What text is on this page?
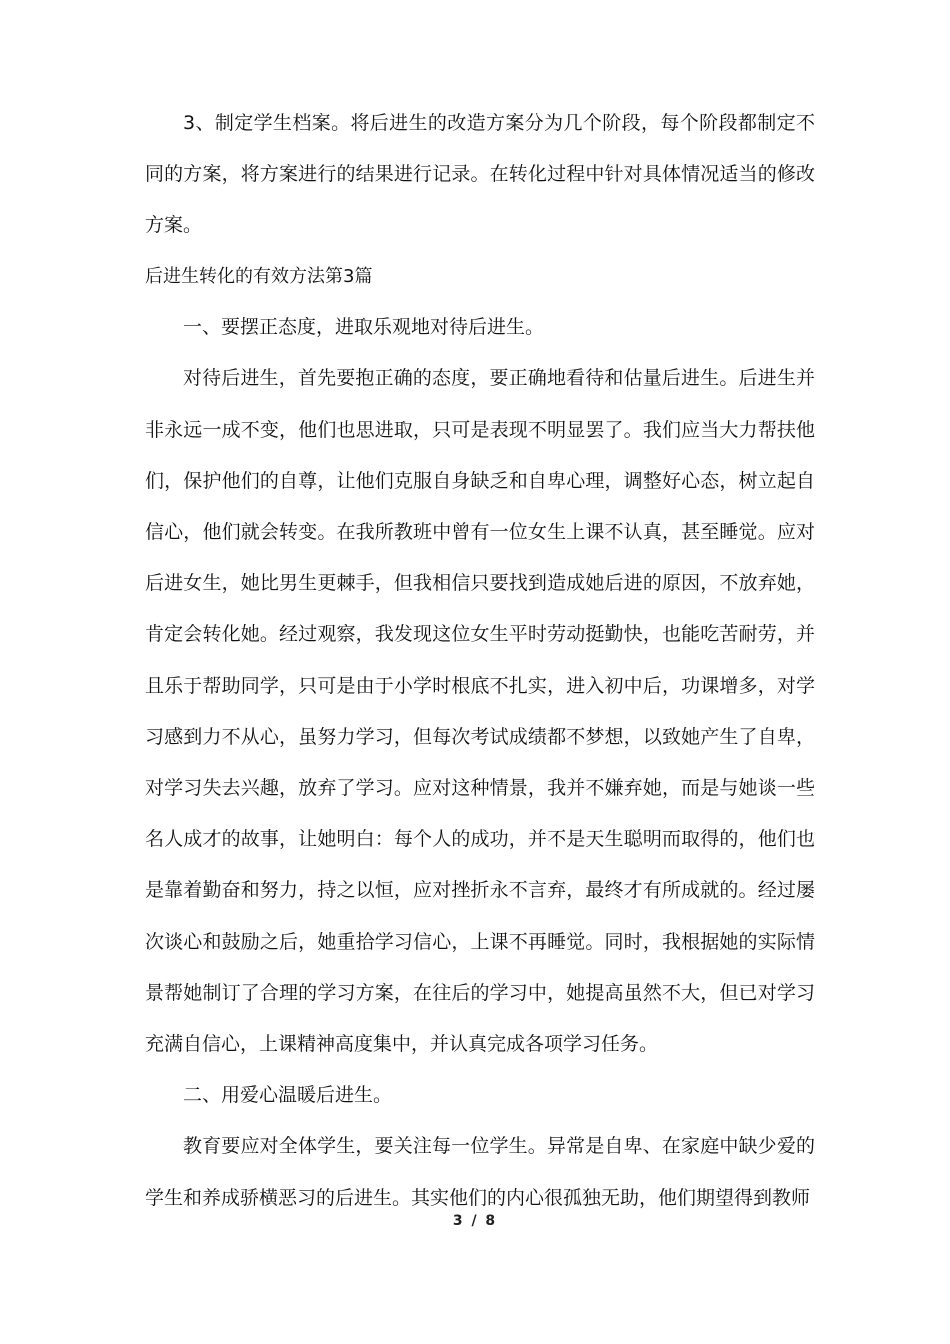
3、制定学生档案。将后进生的改造方案分为几个阶段，每个阶段都制定不同的方案，将方案进行的结果进行记录。在转化过程中针对具体情况适当的修改方案。

后进生转化的有效方法第3篇

一、要摆正态度，进取乐观地对待后进生。

对待后进生，首先要抱正确的态度，要正确地看待和估量后进生。后进生并非永远一成不变，他们也思进取，只可是表现不明显罢了。我们应当大力帮扶他们，保护他们的自尊，让他们克服自身缺乏和自卑心理，调整好心态，树立起自信心，他们就会转变。在我所教班中曾有一位女生上课不认真，甚至睡觉。应对后进女生，她比男生更棘手，但我相信只要找到造成她后进的原因，不放弃她，肯定会转化她。经过观察，我发现这位女生平时劳动挺勤快，也能吃苦耐劳，并且乐于帮助同学，只可是由于小学时根底不扎实，进入初中后，功课增多，对学习感到力不从心，虽努力学习，但每次考试成绩都不梦想，以致她产生了自卑，对学习失去兴趣，放弃了学习。应对这种情景，我并不嫌弃她，而是与她谈一些名人成才的故事，让她明白：每个人的成功，并不是天生聪明而取得的，他们也是靠着勤奋和努力，持之以恒，应对挫折永不言弃，最终才有所成就的。经过屡次谈心和鼓励之后，她重拾学习信心，上课不再睡觉。同时，我根据她的实际情景帮她制订了合理的学习方案，在往后的学习中，她提高虽然不大，但已对学习充满自信心，上课精神高度集中，并认真完成各项学习任务。

二、用爱心温暖后进生。

教育要应对全体学生，要关注每一位学生。异常是自卑、在家庭中缺少爱的学生和养成骄横恶习的后进生。其实他们的内心很孤独无助，他们期望得到教师

3 / 8
